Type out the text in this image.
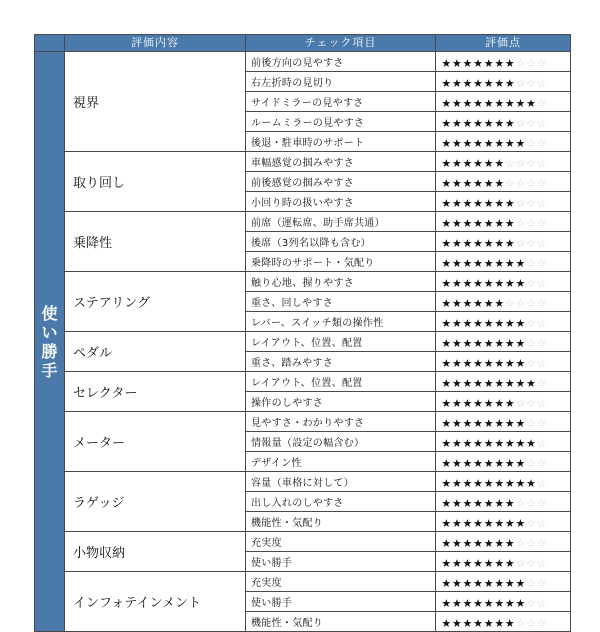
	評価内容	チェック項目	評価点
使い勝手	視界	前後方向の見やすさ	★★★★★★★☆☆☆
		右左折時の見切り	★★★★★★★☆☆☆
		サイドミラーの見やすさ	★★★★★★★★★☆
		ルームミラーの見やすさ	★★★★★★★☆☆☆
		後退・駐車時のサポート	★★★★★★★★☆☆
	取り回し	車幅感覚の掴みやすさ	★★★★★★☆☆☆☆
		前後感覚の掴みやすさ	★★★★★★☆☆☆☆
		小回り時の扱いやすさ	★★★★★★★☆☆☆
	乗降性	前席（運転席、助手席共通）	★★★★★★★☆☆☆
		後席（3列名以降も含む）	★★★★★★★☆☆☆
		乗降時のサポート・気配り	★★★★★★★★☆☆
	ステアリング	触り心地、握りやすさ	★★★★★★★★☆☆
		重さ、回しやすさ	★★★★★★☆☆☆☆
		レバー、スイッチ類の操作性	★★★★★★★★☆☆
	ペダル	レイアウト、位置、配置	★★★★★★★★☆☆
		重さ、踏みやすさ	★★★★★★★★☆☆
	セレクター	レイアウト、位置、配置	★★★★★★★★★☆
		操作のしやすさ	★★★★★★★☆☆☆
	メーター	見やすさ・わかりやすさ	★★★★★★★★☆☆
		情報量（設定の幅含む）	★★★★★★★★★☆
		デザイン性	★★★★★★★★☆☆
	ラゲッジ	容量（車格に対して）	★★★★★★★★★☆
		出し入れのしやすさ	★★★★★★★☆☆☆
		機能性・気配り	★★★★★★★★☆☆
	小物収納	充実度	★★★★★★★☆☆☆
		使い勝手	★★★★★★★☆☆☆
	インフォテインメント	充実度	★★★★★★★★☆☆
		使い勝手	★★★★★★★★☆☆
		機能性・気配り	★★★★★★★☆☆☆
